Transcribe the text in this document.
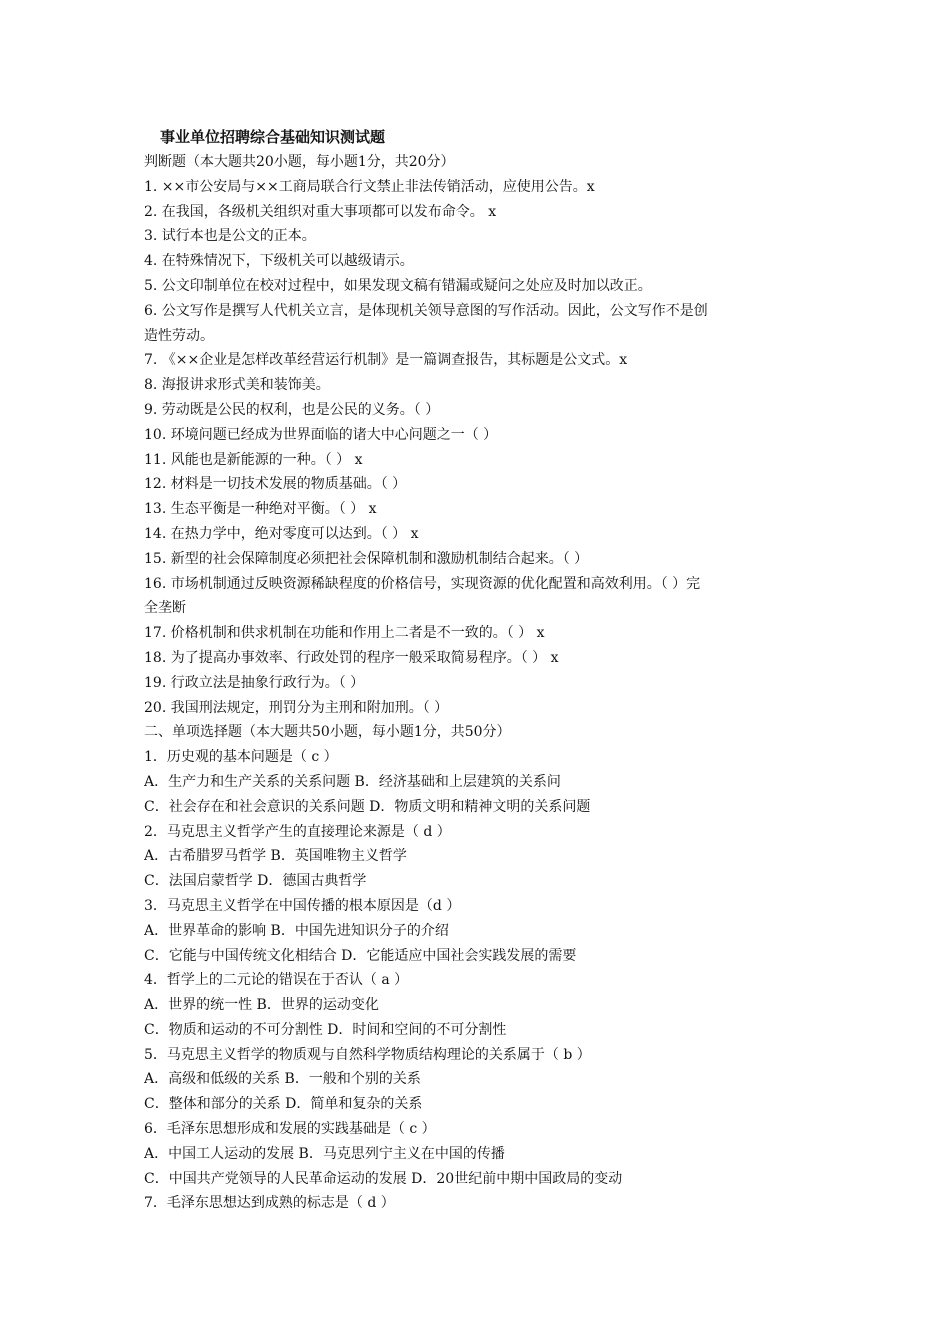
事业单位招聘综合基础知识测试题
判断题（本大题共20小题，每小题1分，共20分）
1. ××市公安局与××工商局联合行文禁止非法传销活动，应使用公告。x
2. 在我国，各级机关组织对重大事项都可以发布命令。 x
3. 试行本也是公文的正本。
4. 在特殊情况下，下级机关可以越级请示。
5. 公文印制单位在校对过程中，如果发现文稿有错漏或疑问之处应及时加以改正。
6. 公文写作是撰写人代机关立言，是体现机关领导意图的写作活动。因此，公文写作不是创
造性劳动。
7. 《××企业是怎样改革经营运行机制》是一篇调查报告，其标题是公文式。x
8. 海报讲求形式美和装饰美。
9. 劳动既是公民的权利，也是公民的义务。（ ）
10. 环境问题已经成为世界面临的诸大中心问题之一（ ）
11. 风能也是新能源的一种。（ ） x
12. 材料是一切技术发展的物质基础。（ ）
13. 生态平衡是一种绝对平衡。（ ） x
14. 在热力学中，绝对零度可以达到。（ ） x
15. 新型的社会保障制度必须把社会保障机制和激励机制结合起来。（ ）
16. 市场机制通过反映资源稀缺程度的价格信号，实现资源的优化配置和高效利用。（ ）完
全垄断
17. 价格机制和供求机制在功能和作用上二者是不一致的。（ ） x
18. 为了提高办事效率、行政处罚的程序一般采取简易程序。（ ） x
19. 行政立法是抽象行政行为。（ ）
20. 我国刑法规定，刑罚分为主刑和附加刑。（ ）
二、单项选择题（本大题共50小题，每小题1分，共50分）
1．历史观的基本问题是（ c ）
A．生产力和生产关系的关系问题 B．经济基础和上层建筑的关系问
C．社会存在和社会意识的关系问题 D．物质文明和精神文明的关系问题
2．马克思主义哲学产生的直接理论来源是（ d ）
A．古希腊罗马哲学 B．英国唯物主义哲学
C．法国启蒙哲学 D．德国古典哲学
3．马克思主义哲学在中国传播的根本原因是（d ）
A．世界革命的影响 B．中国先进知识分子的介绍
C．它能与中国传统文化相结合 D．它能适应中国社会实践发展的需要
4．哲学上的二元论的错误在于否认（ a ）
A．世界的统一性 B．世界的运动变化
C．物质和运动的不可分割性 D．时间和空间的不可分割性
5．马克思主义哲学的物质观与自然科学物质结构理论的关系属于（ b ）
A．高级和低级的关系 B．一般和个别的关系
C．整体和部分的关系 D．简单和复杂的关系
6．毛泽东思想形成和发展的实践基础是（ c ）
A．中国工人运动的发展 B．马克思列宁主义在中国的传播
C．中国共产党领导的人民革命运动的发展 D．20世纪前中期中国政局的变动
7．毛泽东思想达到成熟的标志是（ d ）
